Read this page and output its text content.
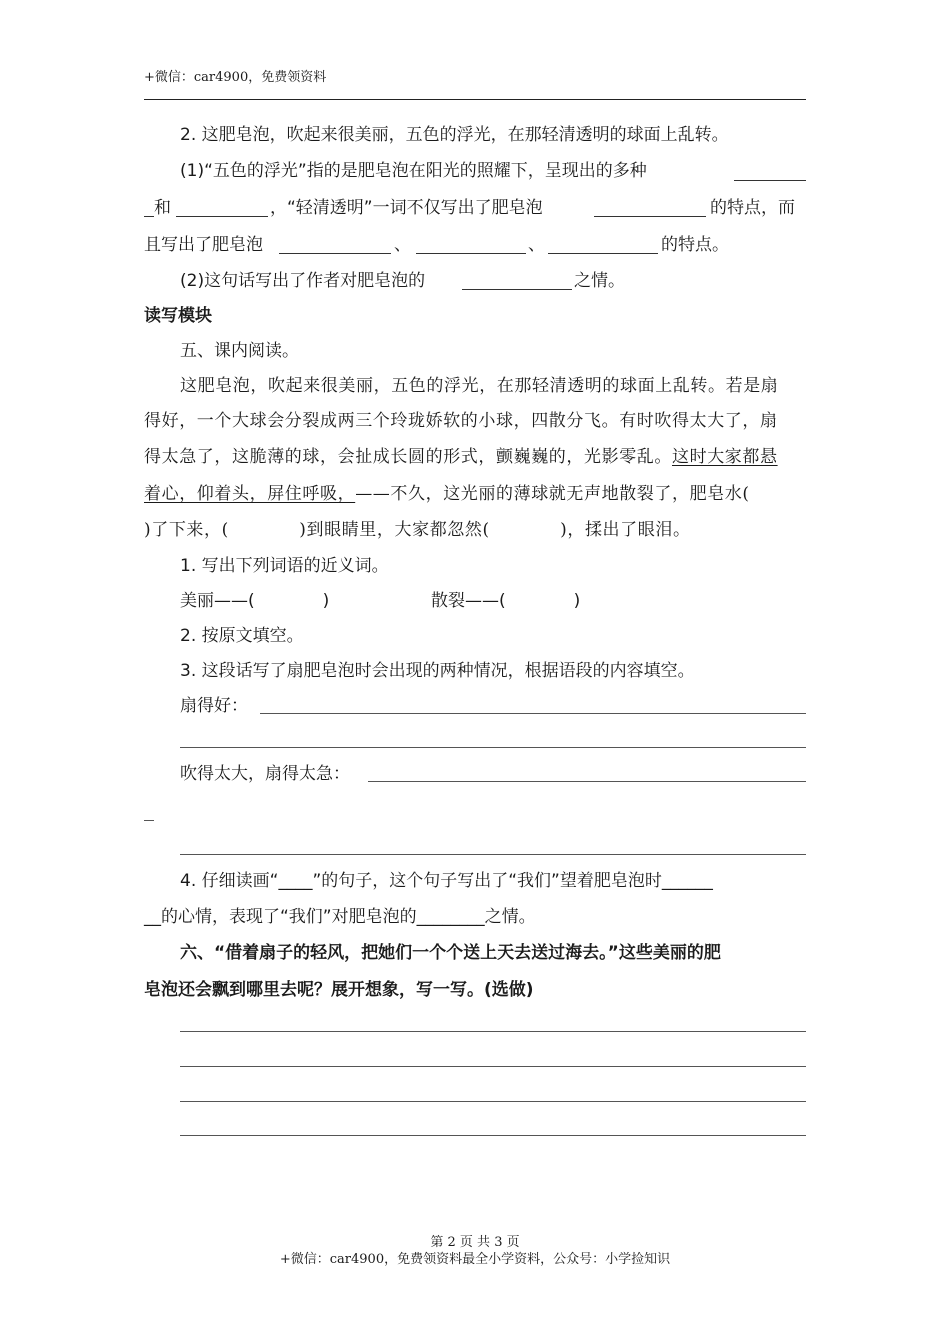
+微信：car4900，免费领资料
2. 这肥皂泡，吹起来很美丽，五色的浮光，在那轻清透明的球面上乱转。
(1)“五色的浮光”指的是肥皂泡在阳光的照耀下，呈现出的多种
和	，“轻清透明”一词不仅写出了肥皂泡	的特点，而
且写出了肥皂泡	、	、	的特点。
(2)这句话写出了作者对肥皂泡的	之情。
读写模块
五、课内阅读。
这肥皂泡，吹起来很美丽，五色的浮光，在那轻清透明的球面上乱转。若是扇
得好，一个大球会分裂成两三个玲珑娇软的小球，四散分飞。有时吹得太大了，扇
得太急了，这脆薄的球，会扯成长圆的形式，颤巍巍的，光影零乱。这时大家都悬
着心，仰着头，屏住呼吸，——不久，这光丽的薄球就无声地散裂了，肥皂水(
)了下来，(　　　　)到眼睛里，大家都忽然(　　　　)，揉出了眼泪。
1. 写出下列词语的近义词。
美丽——(　　　　)	散裂——(　　　　)
2. 按原文填空。
3. 这段话写了扇肥皂泡时会出现的两种情况，根据语段的内容填空。
扇得好：
吹得太大，扇得太急：
4. 仔细读画“____”的句子，这个句子写出了“我们”望着肥皂泡时______
__的心情，表现了“我们”对肥皂泡的________之情。
六、“借着扇子的轻风，把她们一个个送上天去送过海去。”这些美丽的肥
皂泡还会飘到哪里去呢？展开想象，写一写。(选做)
第 2 页 共 3 页
+微信：car4900，免费领资料最全小学资料，公众号：小学捡知识
